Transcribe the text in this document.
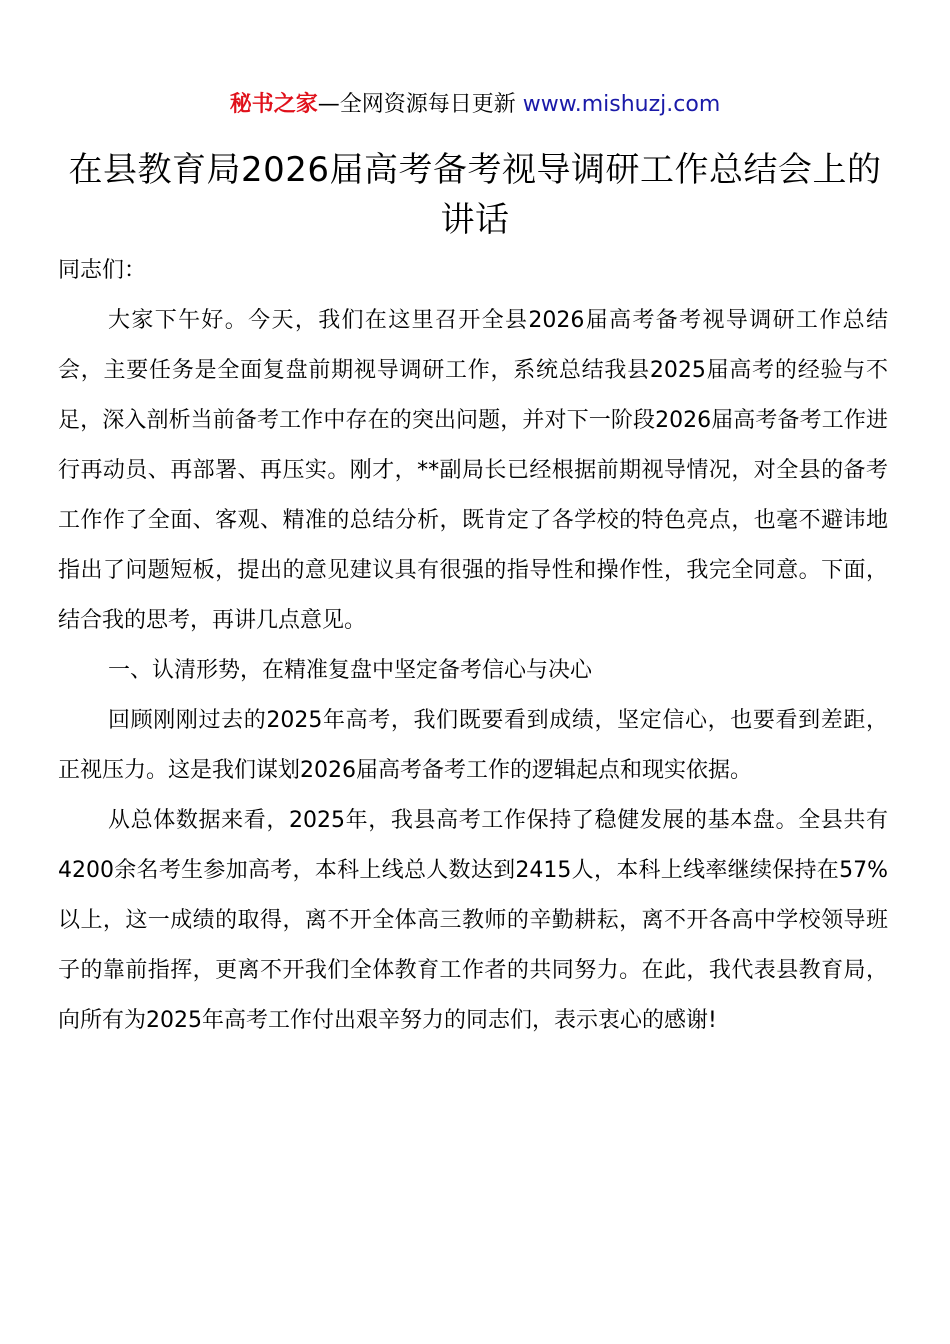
秘书之家—全网资源每日更新 www.mishuzj.com
在县教育局2026届高考备考视导调研工作总结会上的讲话

同志们：

大家下午好。今天，我们在这里召开全县2026届高考备考视导调研工作总结会，主要任务是全面复盘前期视导调研工作，系统总结我县2025届高考的经验与不足，深入剖析当前备考工作中存在的突出问题，并对下一阶段2026届高考备考工作进行再动员、再部署、再压实。刚才，**副局长已经根据前期视导情况，对全县的备考工作作了全面、客观、精准的总结分析，既肯定了各学校的特色亮点，也毫不避讳地指出了问题短板，提出的意见建议具有很强的指导性和操作性，我完全同意。下面，结合我的思考，再讲几点意见。

一、认清形势，在精准复盘中坚定备考信心与决心

回顾刚刚过去的2025年高考，我们既要看到成绩，坚定信心，也要看到差距，正视压力。这是我们谋划2026届高考备考工作的逻辑起点和现实依据。

从总体数据来看，2025年，我县高考工作保持了稳健发展的基本盘。全县共有4200余名考生参加高考，本科上线总人数达到2415人，本科上线率继续保持在57%以上，这一成绩的取得，离不开全体高三教师的辛勤耕耘，离不开各高中学校领导班子的靠前指挥，更离不开我们全体教育工作者的共同努力。在此，我代表县教育局，向所有为2025年高考工作付出艰辛努力的同志们，表示衷心的感谢!
